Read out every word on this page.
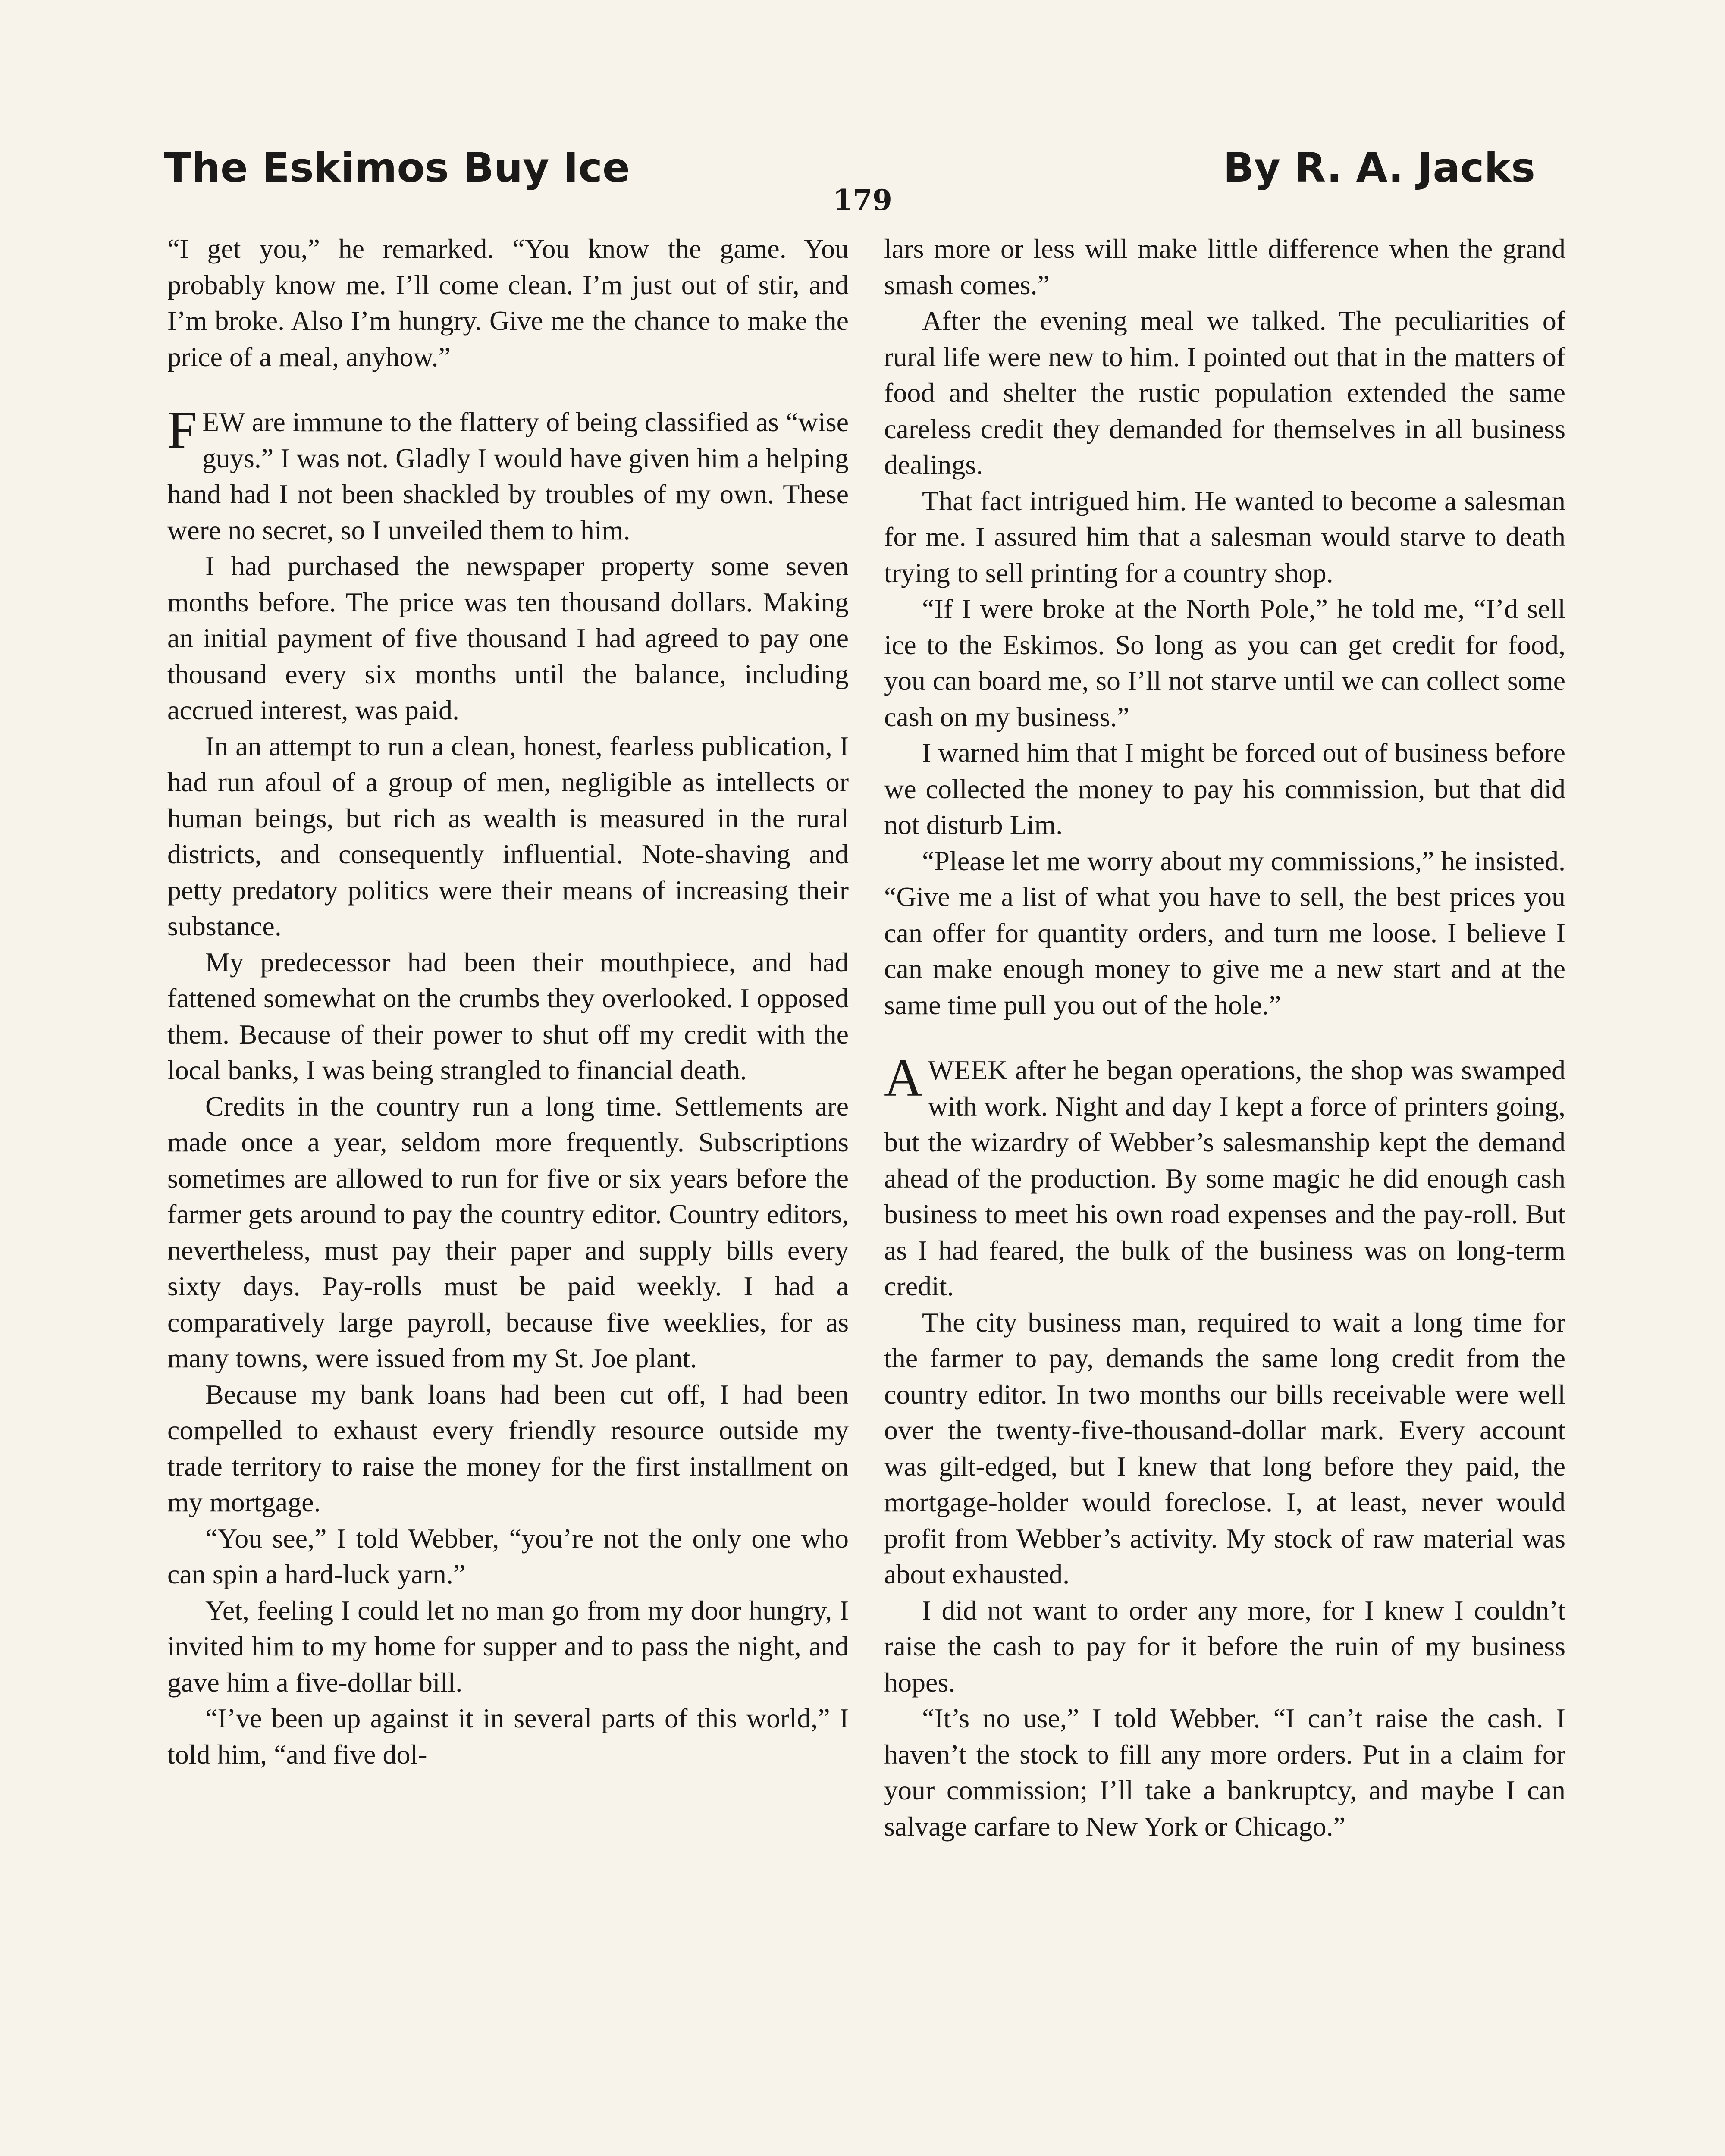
The Eskimos Buy Ice	By R. A. Jacks
179

“I get you,” he remarked. “You know the game. You probably know me. I’ll come clean. I’m just out of stir, and I’m broke. Also I’m hungry. Give me the chance to make the price of a meal, anyhow.”

FEW are immune to the flattery of being classified as “wise guys.” I was not. Gladly I would have given him a helping hand had I not been shackled by troubles of my own. These were no secret, so I unveiled them to him.

I had purchased the newspaper property some seven months before. The price was ten thousand dollars. Making an initial payment of five thousand I had agreed to pay one thousand every six months until the balance, including accrued interest, was paid.

In an attempt to run a clean, honest, fearless publication, I had run afoul of a group of men, negligible as intellects or human beings, but rich as wealth is measured in the rural districts, and consequently influential. Note-shaving and petty predatory politics were their means of increasing their substance.

My predecessor had been their mouthpiece, and had fattened somewhat on the crumbs they overlooked. I opposed them. Because of their power to shut off my credit with the local banks, I was being strangled to financial death.

Credits in the country run a long time. Settlements are made once a year, seldom more frequently. Subscriptions sometimes are allowed to run for five or six years before the farmer gets around to pay the country editor. Country editors, nevertheless, must pay their paper and supply bills every sixty days. Pay-rolls must be paid weekly. I had a comparatively large payroll, because five weeklies, for as many towns, were issued from my St. Joe plant.

Because my bank loans had been cut off, I had been compelled to exhaust every friendly resource outside my trade territory to raise the money for the first installment on my mortgage.

“You see,” I told Webber, “you’re not the only one who can spin a hard-luck yarn.”

Yet, feeling I could let no man go from my door hungry, I invited him to my home for supper and to pass the night, and gave him a five-dollar bill.

“I’ve been up against it in several parts of this world,” I told him, “and five dol-

lars more or less will make little difference when the grand smash comes.”

After the evening meal we talked. The peculiarities of rural life were new to him. I pointed out that in the matters of food and shelter the rustic population extended the same careless credit they demanded for themselves in all business dealings.

That fact intrigued him. He wanted to become a salesman for me. I assured him that a salesman would starve to death trying to sell printing for a country shop.

“If I were broke at the North Pole,” he told me, “I’d sell ice to the Eskimos. So long as you can get credit for food, you can board me, so I’ll not starve until we can collect some cash on my business.”

I warned him that I might be forced out of business before we collected the money to pay his commission, but that did not disturb Lim.

“Please let me worry about my commissions,” he insisted. “Give me a list of what you have to sell, the best prices you can offer for quantity orders, and turn me loose. I believe I can make enough money to give me a new start and at the same time pull you out of the hole.”

AWEEK after he began operations, the shop was swamped with work. Night and day I kept a force of printers going, but the wizardry of Webber’s salesmanship kept the demand ahead of the production. By some magic he did enough cash business to meet his own road expenses and the pay-roll. But as I had feared, the bulk of the business was on long-term credit.

The city business man, required to wait a long time for the farmer to pay, demands the same long credit from the country editor. In two months our bills receivable were well over the twenty-five-thousand-dollar mark. Every account was gilt-edged, but I knew that long before they paid, the mortgage-holder would foreclose. I, at least, never would profit from Webber’s activity. My stock of raw material was about exhausted.

I did not want to order any more, for I knew I couldn’t raise the cash to pay for it before the ruin of my business hopes.

“It’s no use,” I told Webber. “I can’t raise the cash. I haven’t the stock to fill any more orders. Put in a claim for your commission; I’ll take a bankruptcy, and maybe I can salvage carfare to New York or Chicago.”
